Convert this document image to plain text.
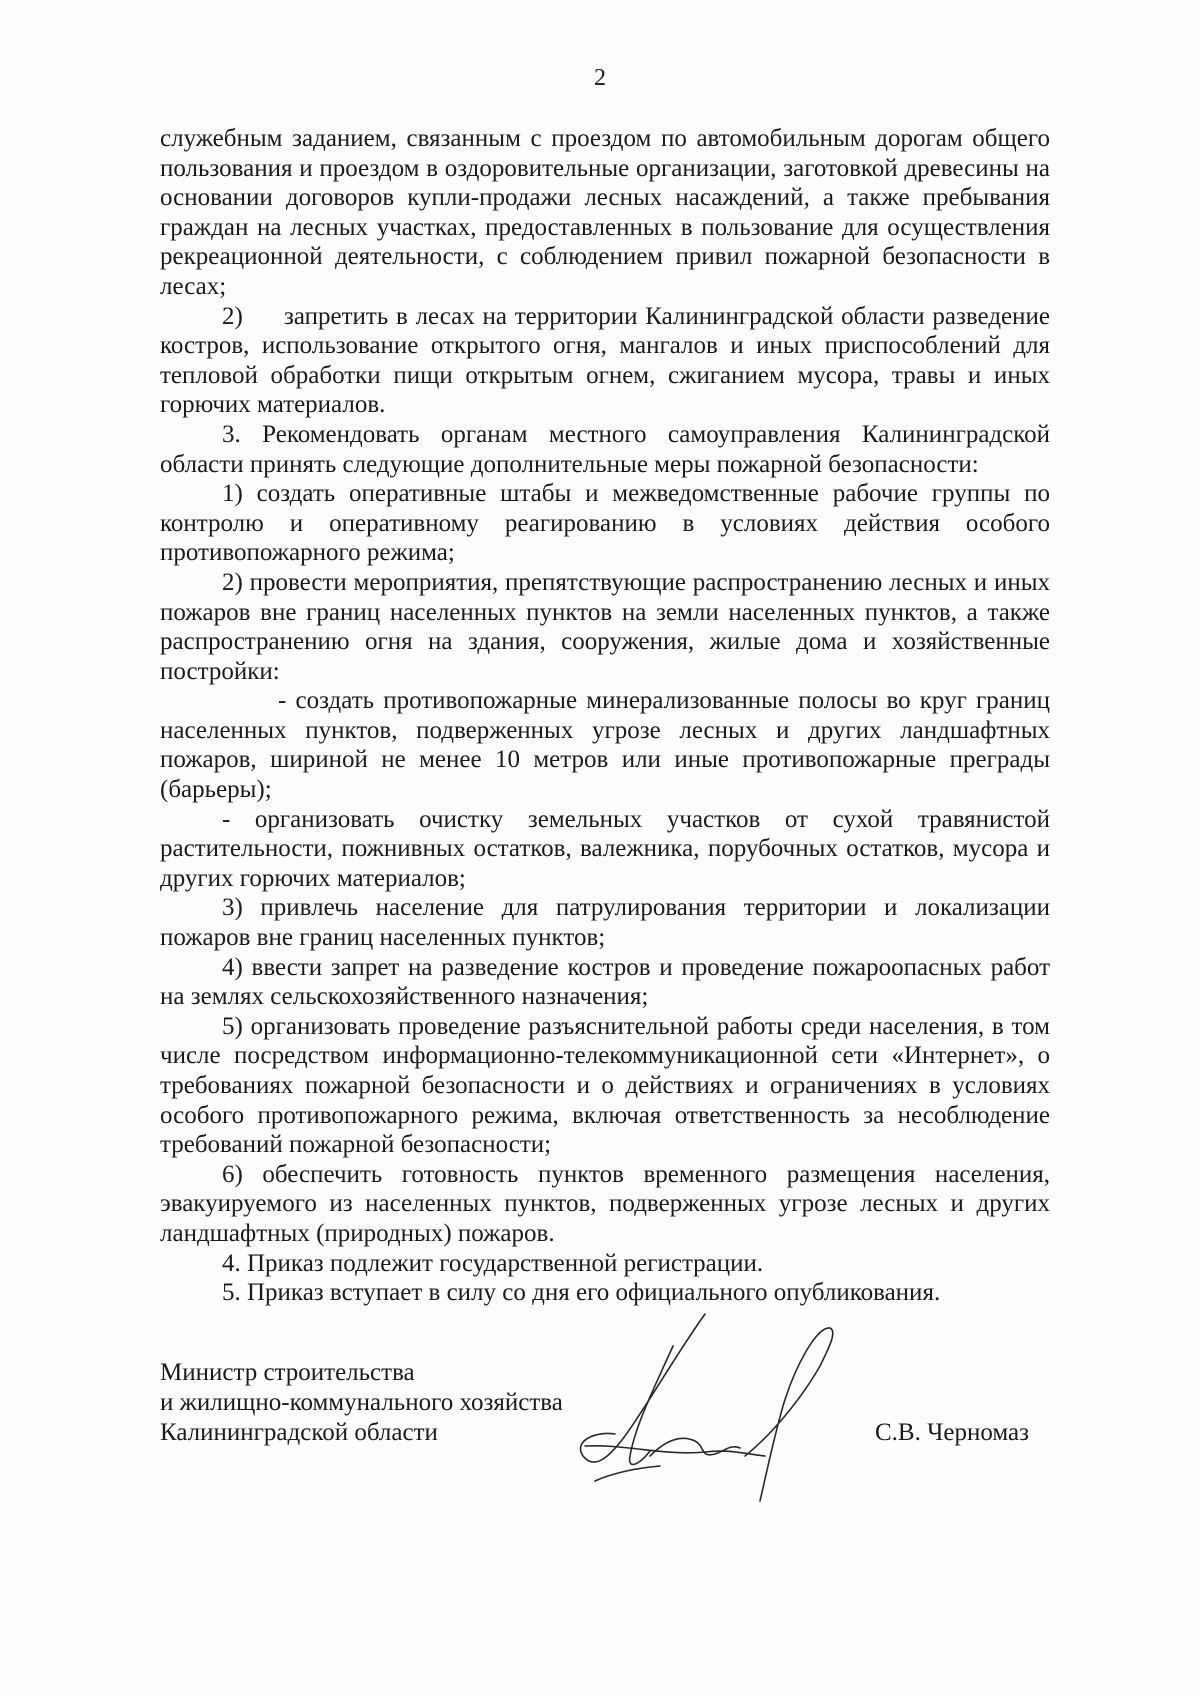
2

служебным заданием, связанным с проездом по автомобильным дорогам общего пользования и проездом в оздоровительные организации, заготовкой древесины на основании договоров купли-продажи лесных насаждений, а также пребывания граждан на лесных участках, предоставленных в пользование для осуществления рекреационной деятельности, с соблюдением привил пожарной безопасности в лесах;

2) запретить в лесах на территории Калининградской области разведение костров, использование открытого огня, мангалов и иных приспособлений для тепловой обработки пищи открытым огнем, сжиганием мусора, травы и иных горючих материалов.

3. Рекомендовать органам местного самоуправления Калининградской области принять следующие дополнительные меры пожарной безопасности:

1) создать оперативные штабы и межведомственные рабочие группы по контролю и оперативному реагированию в условиях действия особого противопожарного режима;

2) провести мероприятия, препятствующие распространению лесных и иных пожаров вне границ населенных пунктов на земли населенных пунктов, а также распространению огня на здания, сооружения, жилые дома и хозяйственные постройки:

- создать противопожарные минерализованные полосы во круг границ населенных пунктов, подверженных угрозе лесных и других ландшафтных пожаров, шириной не менее 10 метров или иные противопожарные преграды (барьеры);

- организовать очистку земельных участков от сухой травянистой растительности, пожнивных остатков, валежника, порубочных остатков, мусора и других горючих материалов;

3) привлечь население для патрулирования территории и локализации пожаров вне границ населенных пунктов;

4) ввести запрет на разведение костров и проведение пожароопасных работ на землях сельскохозяйственного назначения;

5) организовать проведение разъяснительной работы среди населения, в том числе посредством информационно-телекоммуникационной сети «Интернет», о требованиях пожарной безопасности и о действиях и ограничениях в условиях особого противопожарного режима, включая ответственность за несоблюдение требований пожарной безопасности;

6) обеспечить готовность пунктов временного размещения населения, эвакуируемого из населенных пунктов, подверженных угрозе лесных и других ландшафтных (природных) пожаров.

4. Приказ подлежит государственной регистрации.

5. Приказ вступает в силу со дня его официального опубликования.

Министр строительства
и жилищно-коммунального хозяйства
Калининградской области	С.В. Черномаз
